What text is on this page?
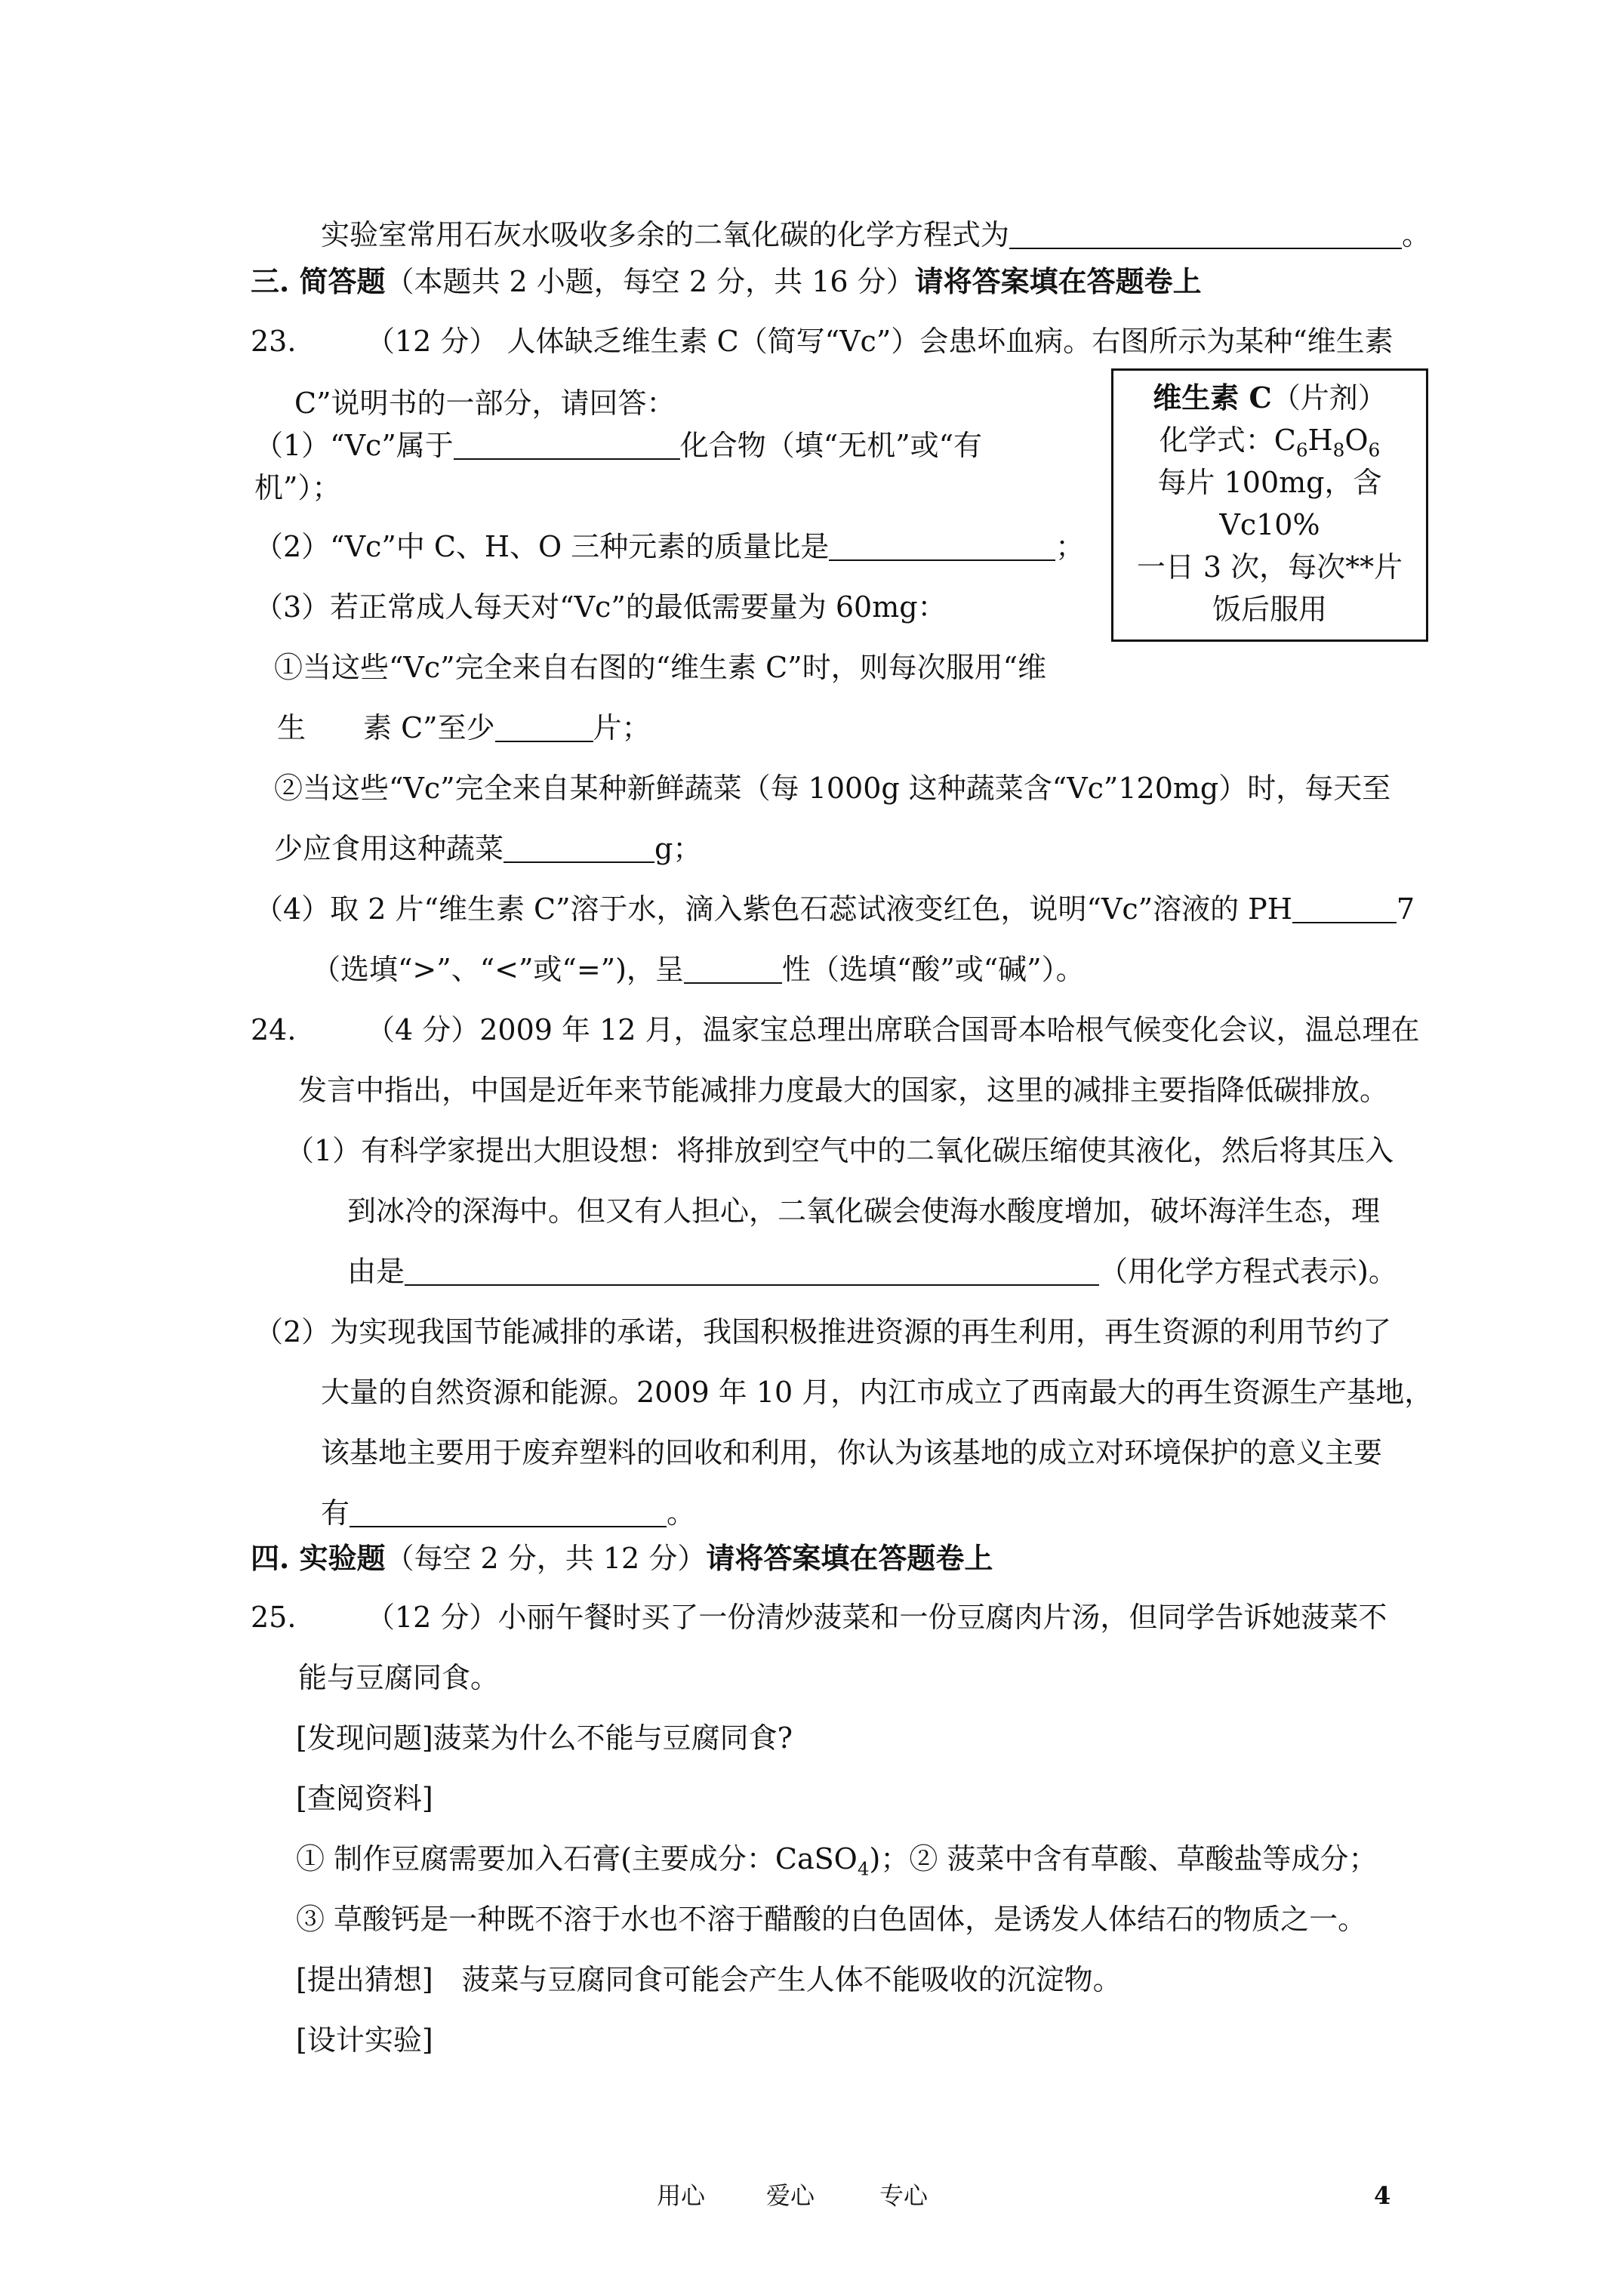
实验室常用石灰水吸收多余的二氧化碳的化学方程式为	。
三. 简答题（本题共 2 小题，每空 2 分，共 16 分）请将答案填在答题卷上
23. （12 分） 人体缺乏维生素 C（简写“Vc”）会患坏血病。右图所示为某种“维生素
C”说明书的一部分，请回答：
（1）“Vc”属于	化合物（填“无机”或“有
机”）；
（2）“Vc”中 C、H、O 三种元素的质量比是	；
（3）若正常成人每天对“Vc”的最低需要量为 60mg：
①当这些“Vc”完全来自右图的“维生素 C”时，则每次服用“维
生　　素 C”至少	片；
②当这些“Vc”完全来自某种新鲜蔬菜（每 1000g 这种蔬菜含“Vc”120mg）时，每天至
少应食用这种蔬菜	g；
（4）取 2 片“维生素 C”溶于水，滴入紫色石蕊试液变红色，说明“Vc”溶液的 PH	7
（选填“>”、“<”或“=”)，呈	性（选填“酸”或“碱”）。
维生素 C（片剂）
化学式：$C_6H_8O_6$
每片 100mg，含
Vc10%
一日 3 次，每次**片
饭后服用
24. （4 分）2009 年 12 月，温家宝总理出席联合国哥本哈根气候变化会议，温总理在
发言中指出，中国是近年来节能减排力度最大的国家，这里的减排主要指降低碳排放。
（1）有科学家提出大胆设想：将排放到空气中的二氧化碳压缩使其液化，然后将其压入
到冰冷的深海中。但又有人担心，二氧化碳会使海水酸度增加，破坏海洋生态，理
由是	（用化学方程式表示)。
（2）为实现我国节能减排的承诺，我国积极推进资源的再生利用，再生资源的利用节约了
大量的自然资源和能源。2009 年 10 月，内江市成立了西南最大的再生资源生产基地，
该基地主要用于废弃塑料的回收和利用，你认为该基地的成立对环境保护的意义主要
有	。
四. 实验题（每空 2 分，共 12 分）请将答案填在答题卷上
25. （12 分）小丽午餐时买了一份清炒菠菜和一份豆腐肉片汤，但同学告诉她菠菜不
能与豆腐同食。
[发现问题]菠菜为什么不能与豆腐同食?
[查阅资料]
① 制作豆腐需要加入石膏(主要成分：CaSO$_4$)；② 菠菜中含有草酸、草酸盐等成分；
③ 草酸钙是一种既不溶于水也不溶于醋酸的白色固体，是诱发人体结石的物质之一。
[提出猜想]　菠菜与豆腐同食可能会产生人体不能吸收的沉淀物。
[设计实验]
用心	爱心	专心	4
